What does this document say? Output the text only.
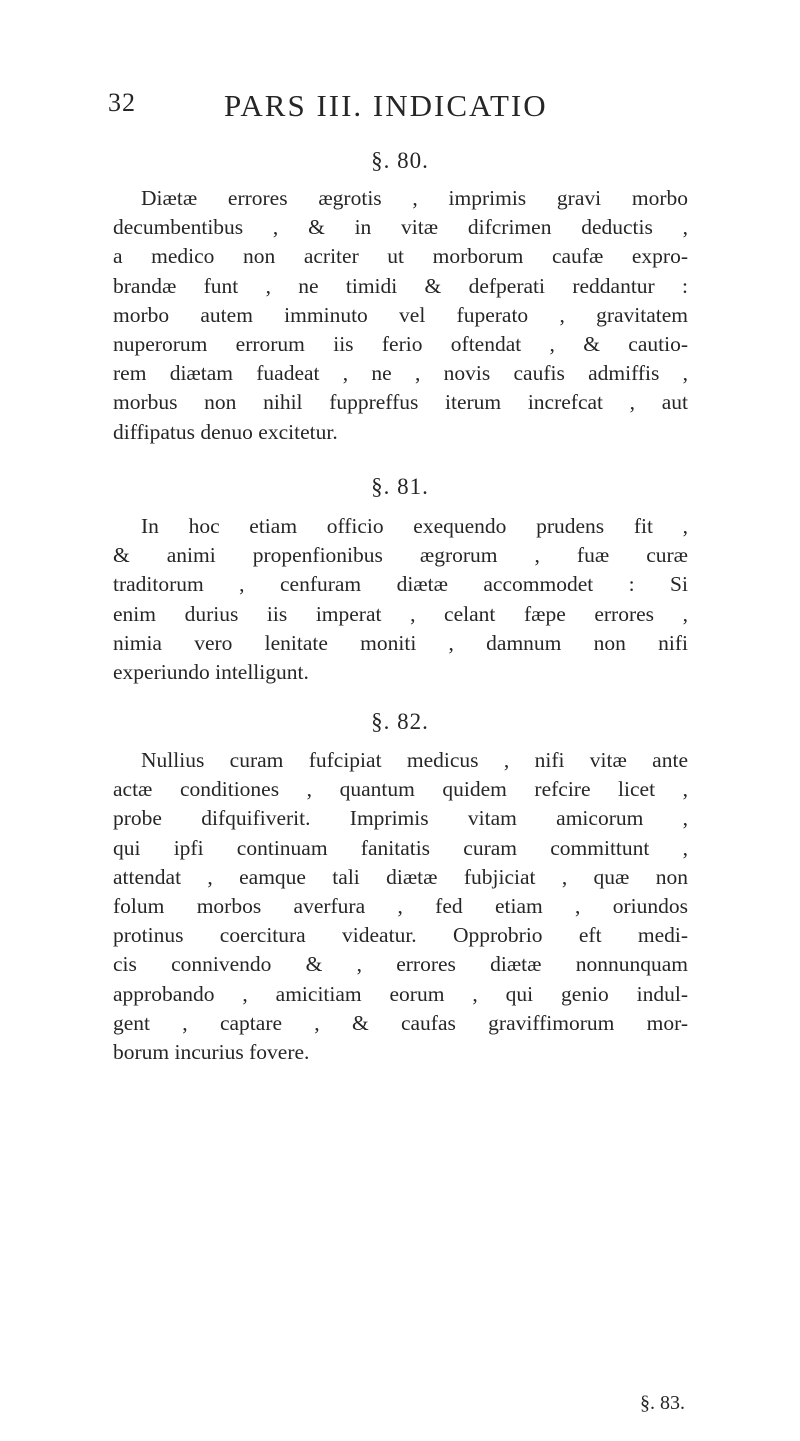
32	PARS III. INDICATIO
§. 80.
Diætæ errores ægrotis , imprimis gravi morbo
decumbentibus , & in vitæ difcrimen deductis ,
a medico non acriter ut morborum caufæ expro-
brandæ funt , ne timidi & defperati reddantur :
morbo autem imminuto vel fuperato , gravitatem
nuperorum errorum iis ferio oftendat , & cautio-
rem diætam fuadeat , ne , novis caufis admiffis ,
morbus non nihil fuppreffus iterum increfcat , aut
diffipatus denuo excitetur.
§. 81.
In hoc etiam officio exequendo prudens fit ,
& animi propenfionibus ægrorum , fuæ curæ
traditorum , cenfuram diætæ accommodet : Si
enim durius iis imperat , celant fæpe errores ,
nimia vero lenitate moniti , damnum non nifi
experiundo intelligunt.
§. 82.
Nullius curam fufcipiat medicus , nifi vitæ ante
actæ conditiones , quantum quidem refcire licet ,
probe difquifiverit. Imprimis vitam amicorum ,
qui ipfi continuam fanitatis curam committunt ,
attendat , eamque tali diætæ fubjiciat , quæ non
folum morbos averfura , fed etiam , oriundos
protinus coercitura videatur. Opprobrio eft medi-
cis connivendo & , errores diætæ nonnunquam
approbando , amicitiam eorum , qui genio indul-
gent , captare , & caufas graviffimorum mor-
borum incurius fovere.
§. 83.
